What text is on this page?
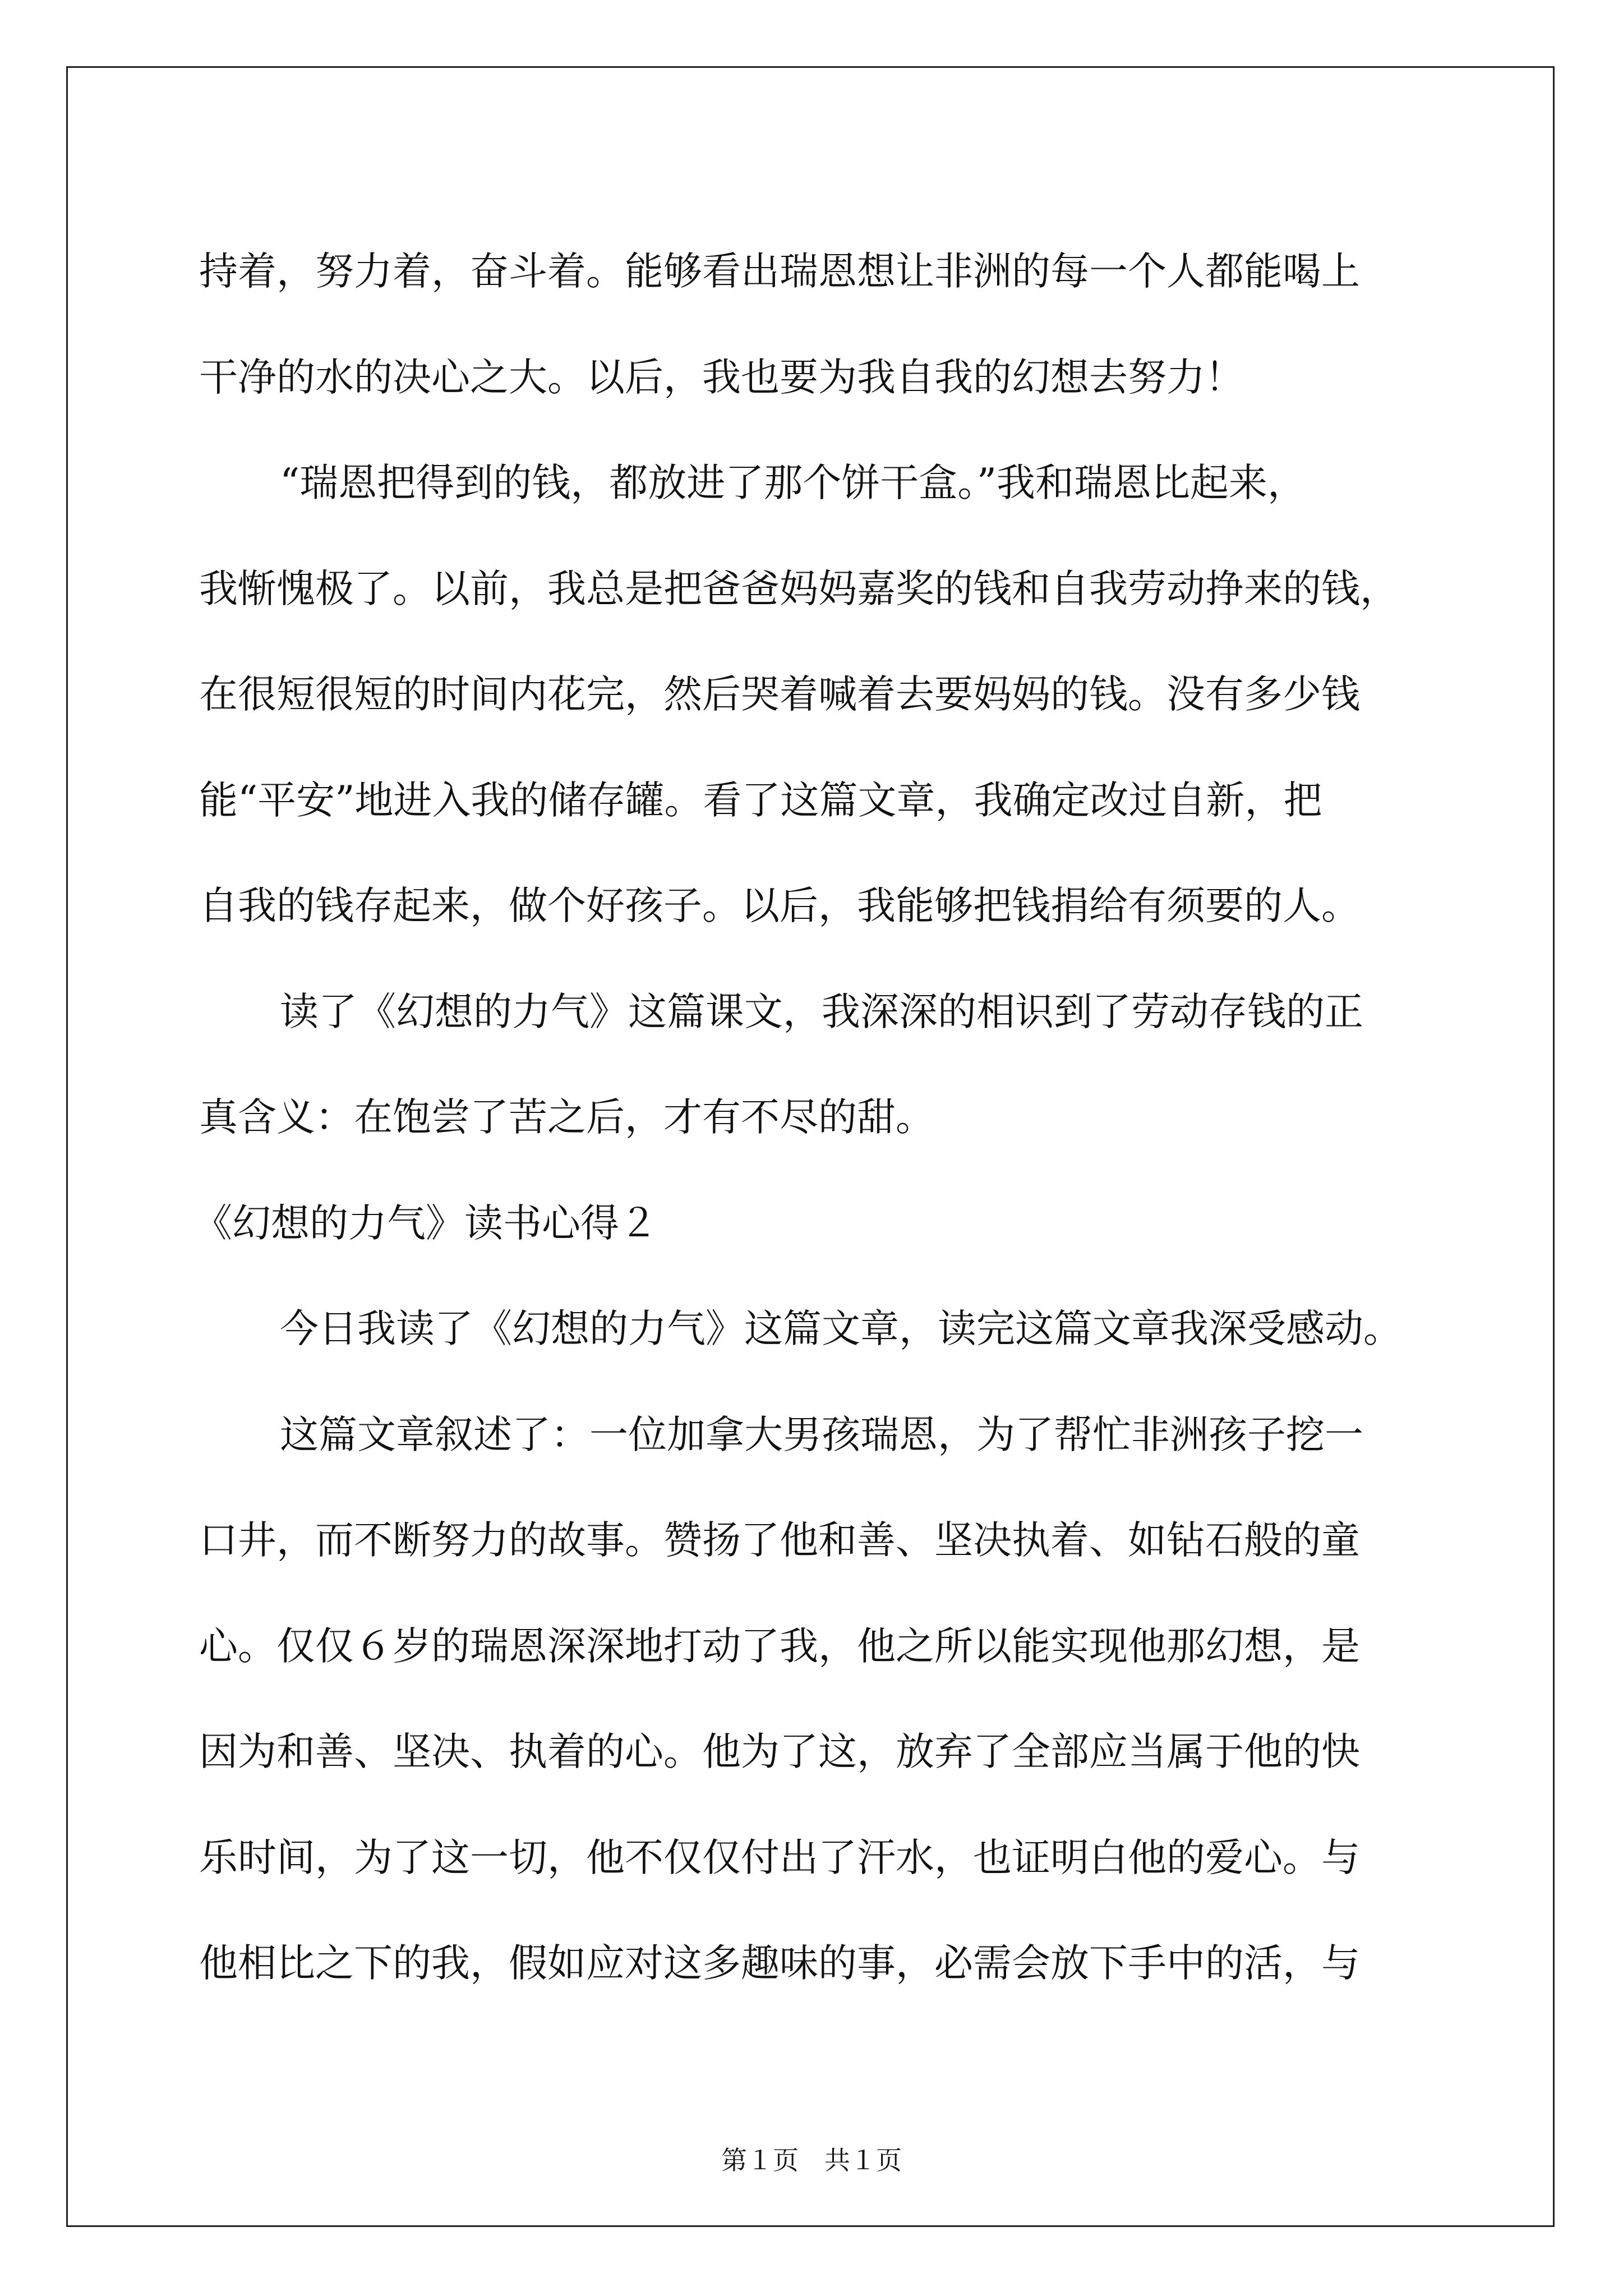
持着，努力着，奋斗着。能够看出瑞恩想让非洲的每一个人都能喝上
干净的水的决心之大。以后，我也要为我自我的幻想去努力！
“瑞恩把得到的钱，都放进了那个饼干盒。”我和瑞恩比起来，
我惭愧极了。以前，我总是把爸爸妈妈嘉奖的钱和自我劳动挣来的钱，
在很短很短的时间内花完，然后哭着喊着去要妈妈的钱。没有多少钱
能“平安”地进入我的储存罐。看了这篇文章，我确定改过自新，把
自我的钱存起来，做个好孩子。以后，我能够把钱捐给有须要的人。
读了《幻想的力气》这篇课文，我深深的相识到了劳动存钱的正
真含义：在饱尝了苦之后，才有不尽的甜。
《幻想的力气》读书心得２
今日我读了《幻想的力气》这篇文章，读完这篇文章我深受感动。
这篇文章叙述了：一位加拿大男孩瑞恩，为了帮忙非洲孩子挖一
口井，而不断努力的故事。赞扬了他和善、坚决执着、如钻石般的童
心。仅仅６岁的瑞恩深深地打动了我，他之所以能实现他那幻想，是
因为和善、坚决、执着的心。他为了这，放弃了全部应当属于他的快
乐时间，为了这一切，他不仅仅付出了汗水，也证明白他的爱心。与
他相比之下的我，假如应对这多趣味的事，必需会放下手中的活，与
第１页　共１页
